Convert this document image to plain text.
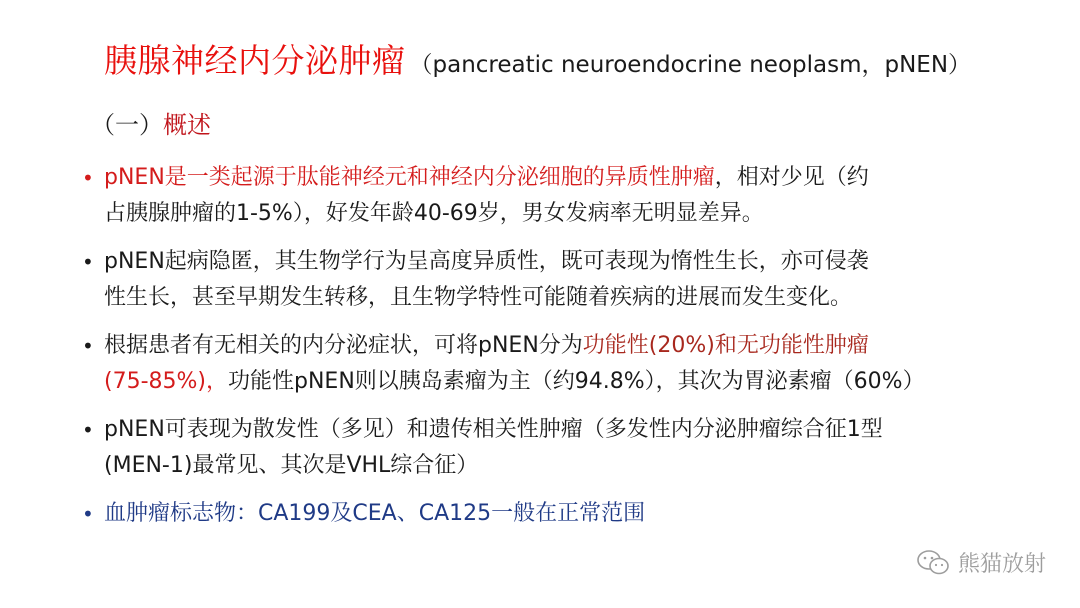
胰腺神经内分泌肿瘤 （pancreatic neuroendocrine neoplasm，pNEN）
（一）概述
• pNEN是一类起源于肽能神经元和神经内分泌细胞的异质性肿瘤，相对少见（约
占胰腺肿瘤的1-5%），好发年龄40-69岁，男女发病率无明显差异。
• pNEN起病隐匿，其生物学行为呈高度异质性，既可表现为惰性生长，亦可侵袭
性生长，甚至早期发生转移，且生物学特性可能随着疾病的进展而发生变化。
• 根据患者有无相关的内分泌症状，可将pNEN分为功能性(20%)和无功能性肿瘤
(75-85%)，功能性pNEN则以胰岛素瘤为主（约94.8%），其次为胃泌素瘤（60%）
• pNEN可表现为散发性（多见）和遗传相关性肿瘤（多发性内分泌肿瘤综合征1型
(MEN-1)最常见、其次是VHL综合征）
• 血肿瘤标志物：CA199及CEA、CA125一般在正常范围
熊猫放射
